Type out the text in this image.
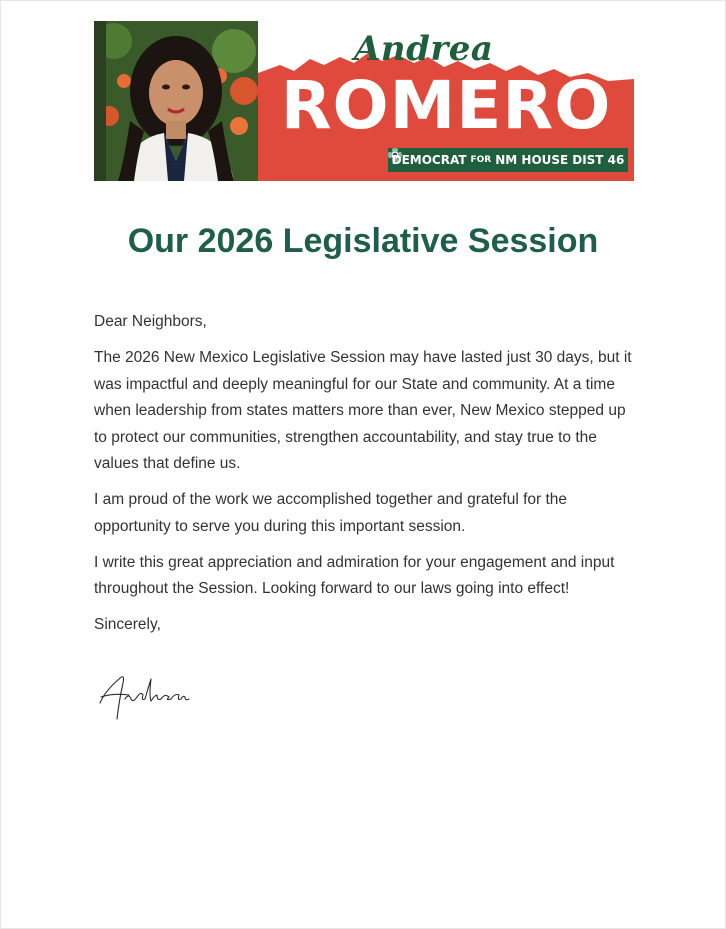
Andrea
ROMERO
DEMOCRAT FOR NM HOUSE DIST 46
Our 2026 Legislative Session

Dear Neighbors,

The 2026 New Mexico Legislative Session may have lasted just 30 days, but it was impactful and deeply meaningful for our State and community. At a time when leadership from states matters more than ever, New Mexico stepped up to protect our communities, strengthen accountability, and stay true to the values that define us.

I am proud of the work we accomplished together and grateful for the opportunity to serve you during this important session.

I write this great appreciation and admiration for your engagement and input throughout the Session. Looking forward to our laws going into effect!

Sincerely,
